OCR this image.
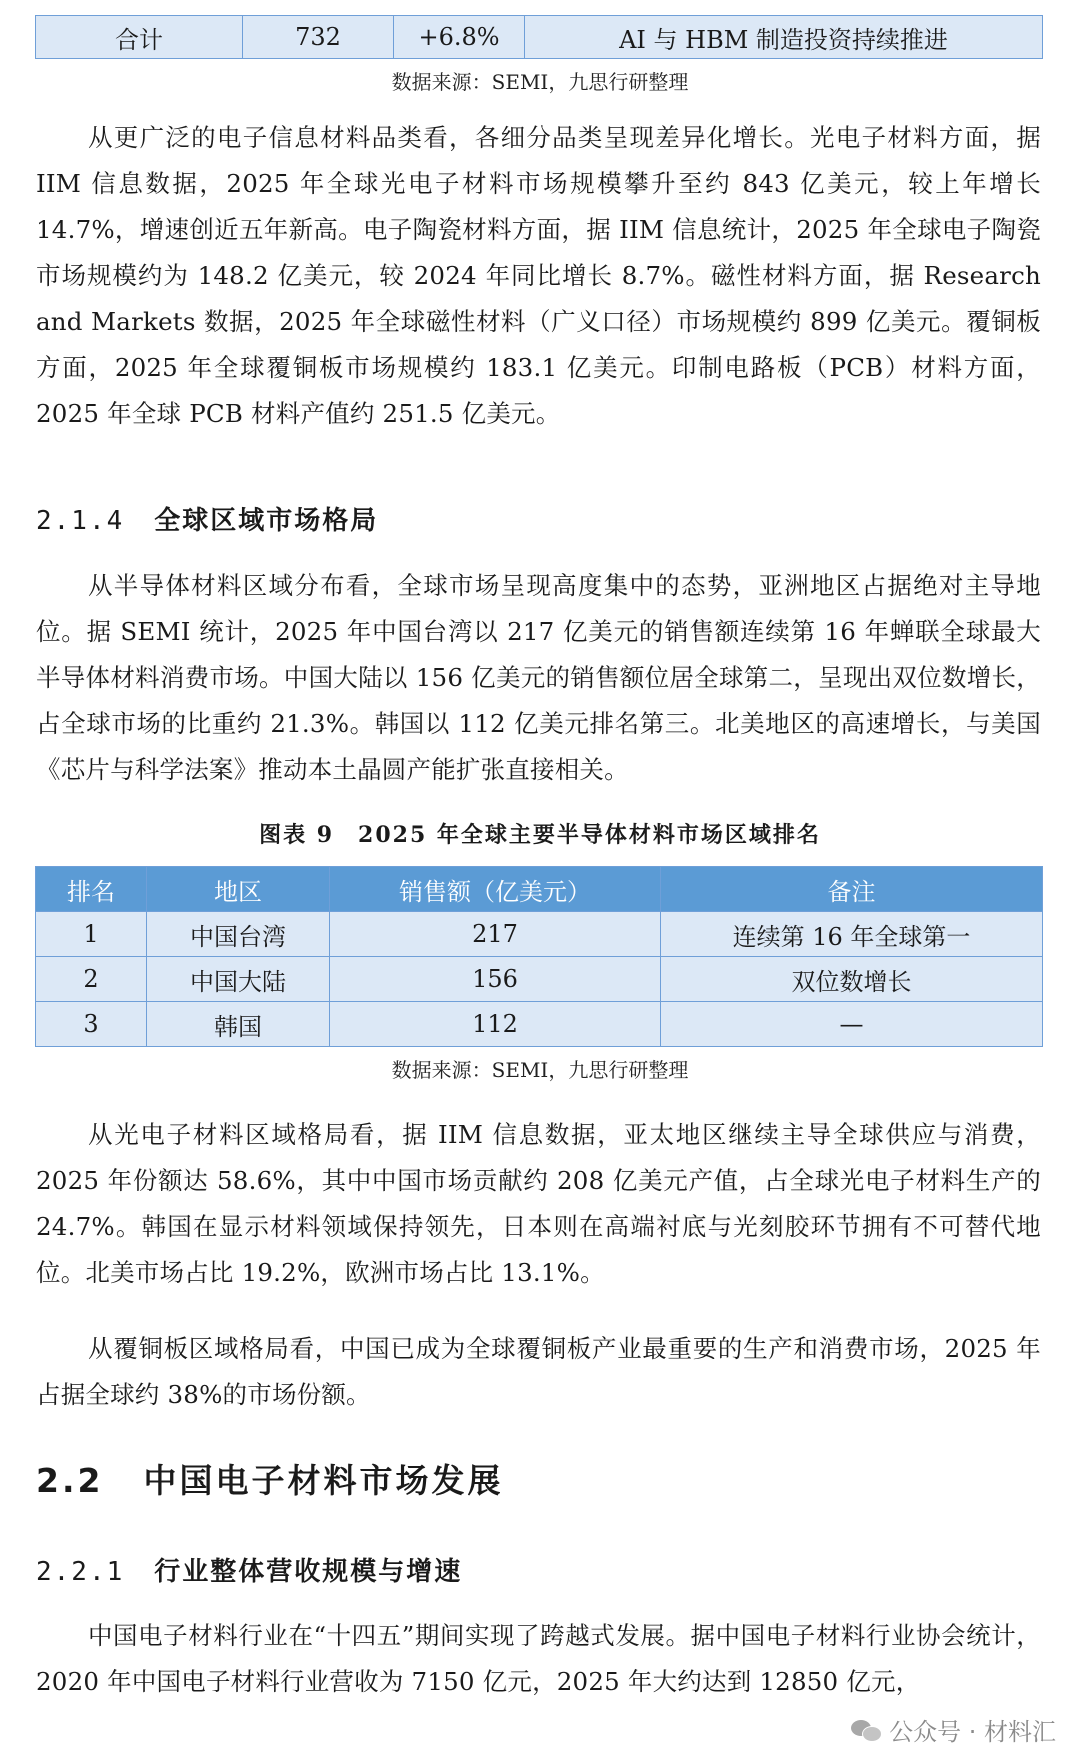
合计	732	+6.8%	AI 与 HBM 制造投资持续推进
数据来源：SEMI，九思行研整理

从更广泛的电子信息材料品类看，各细分品类呈现差异化增长。光电子材料方面，据 IIM 信息数据，2025 年全球光电子材料市场规模攀升至约 843 亿美元，较上年增长 14.7%，增速创近五年新高。电子陶瓷材料方面，据 IIM 信息统计，2025 年全球电子陶瓷市场规模约为 148.2 亿美元，较 2024 年同比增长 8.7%。磁性材料方面，据 Research and Markets 数据，2025 年全球磁性材料（广义口径）市场规模约 899 亿美元。覆铜板方面，2025 年全球覆铜板市场规模约 183.1 亿美元。印制电路板（PCB）材料方面，2025 年全球 PCB 材料产值约 251.5 亿美元。

2.1.4 全球区域市场格局

从半导体材料区域分布看，全球市场呈现高度集中的态势，亚洲地区占据绝对主导地位。据 SEMI 统计，2025 年中国台湾以 217 亿美元的销售额连续第 16 年蝉联全球最大半导体材料消费市场。中国大陆以 156 亿美元的销售额位居全球第二，呈现出双位数增长，占全球市场的比重约 21.3%。韩国以 112 亿美元排名第三。北美地区的高速增长，与美国《芯片与科学法案》推动本土晶圆产能扩张直接相关。

图表 9　2025 年全球主要半导体材料市场区域排名
排名	地区	销售额（亿美元）	备注
1	中国台湾	217	连续第 16 年全球第一
2	中国大陆	156	双位数增长
3	韩国	112	—
数据来源：SEMI，九思行研整理

从光电子材料区域格局看，据 IIM 信息数据，亚太地区继续主导全球供应与消费，2025 年份额达 58.6%，其中中国市场贡献约 208 亿美元产值，占全球光电子材料生产的 24.7%。韩国在显示材料领域保持领先，日本则在高端衬底与光刻胶环节拥有不可替代地位。北美市场占比 19.2%，欧洲市场占比 13.1%。

从覆铜板区域格局看，中国已成为全球覆铜板产业最重要的生产和消费市场，2025 年占据全球约 38%的市场份额。

2.2 中国电子材料市场发展
2.2.1 行业整体营收规模与增速

中国电子材料行业在“十四五”期间实现了跨越式发展。据中国电子材料行业协会统计，2020 年中国电子材料行业营收为 7150 亿元，2025 年大约达到 12850 亿元，

公众号 · 材料汇
